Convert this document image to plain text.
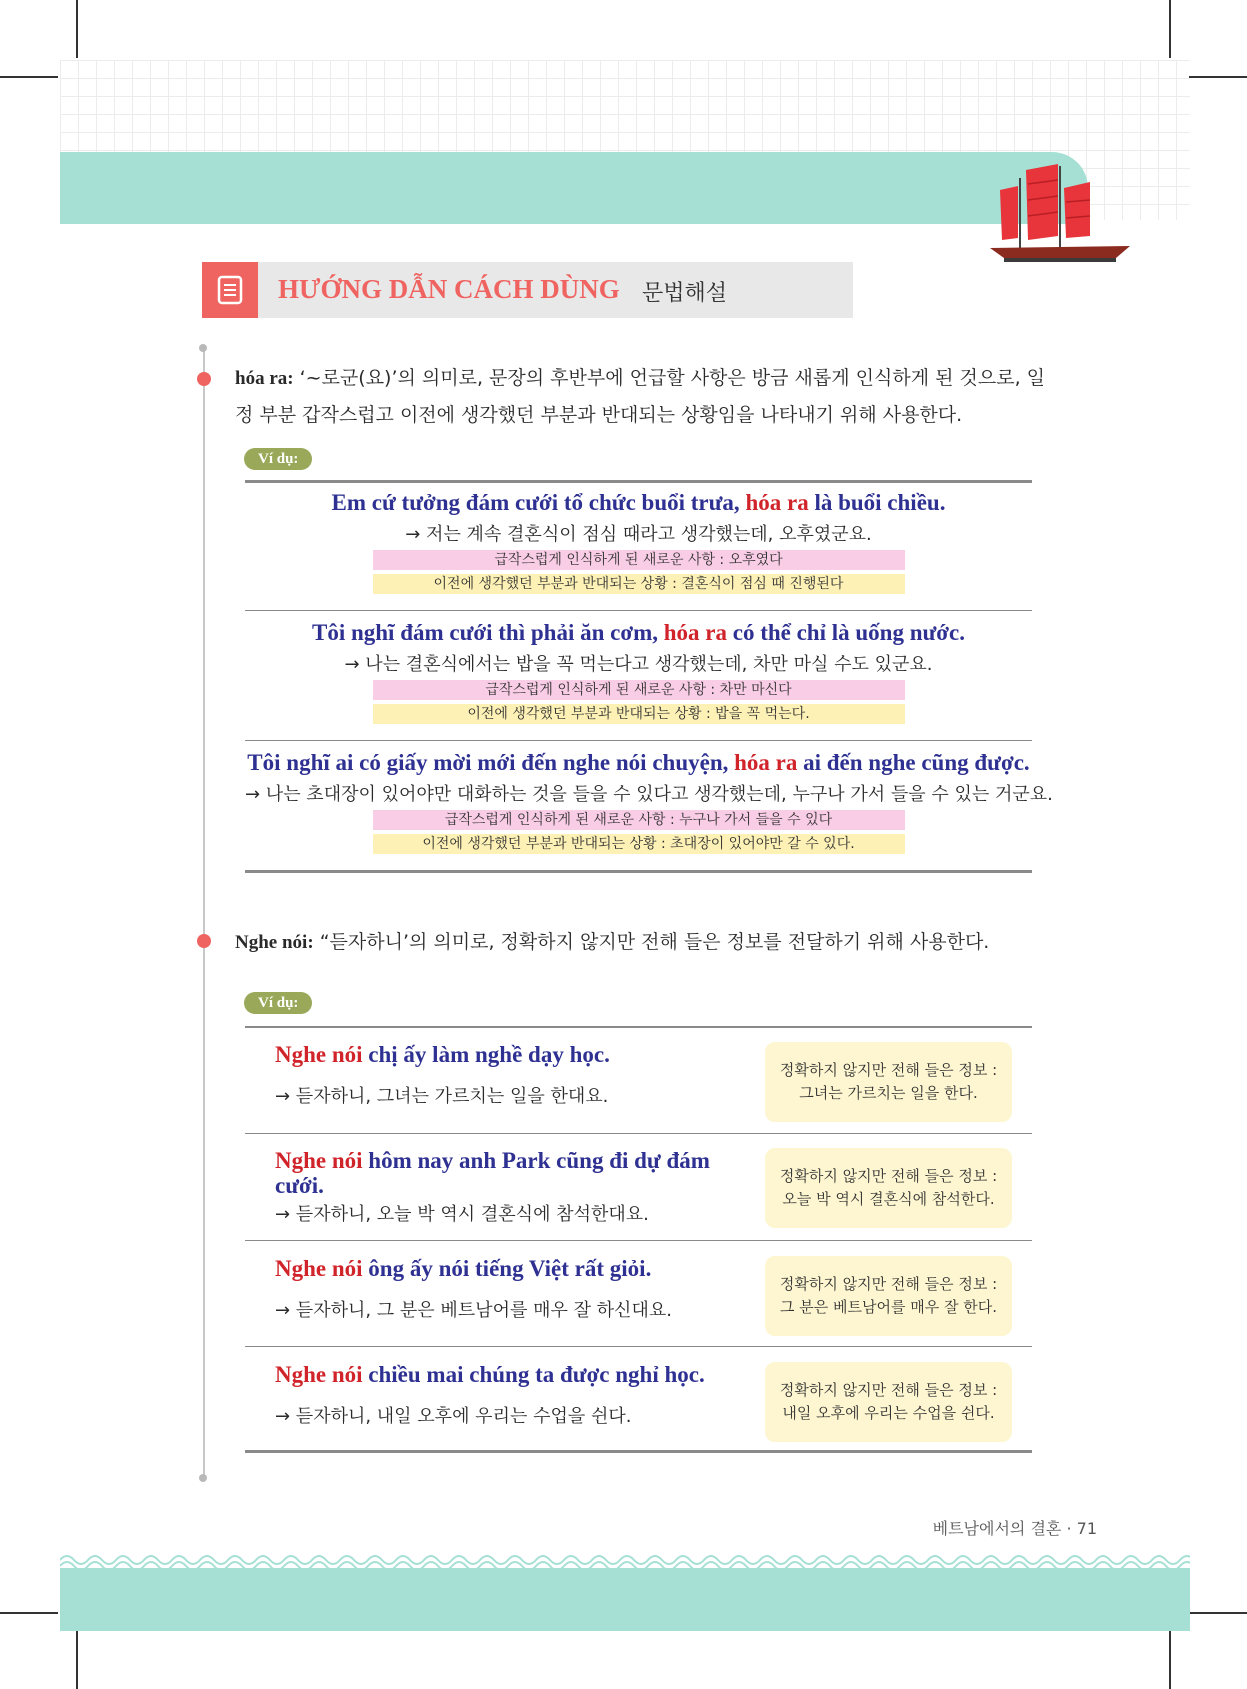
HƯỚNG DẪN CÁCH DÙNG 문법해설
hóa ra: ‘~로군(요)’의 의미로, 문장의 후반부에 언급할 사항은 방금 새롭게 인식하게 된 것으로, 일
정 부분 갑작스럽고 이전에 생각했던 부분과 반대되는 상황임을 나타내기 위해 사용한다.
Ví dụ:
Em cứ tưởng đám cưới tổ chức buổi trưa, hóa ra là buổi chiều.
→ 저는 계속 결혼식이 점심 때라고 생각했는데, 오후였군요.
급작스럽게 인식하게 된 새로운 사항 : 오후였다
이전에 생각했던 부분과 반대되는 상황 : 결혼식이 점심 때 진행된다
Tôi nghĩ đám cưới thì phải ăn cơm, hóa ra có thể chỉ là uống nước.
→ 나는 결혼식에서는 밥을 꼭 먹는다고 생각했는데, 차만 마실 수도 있군요.
급작스럽게 인식하게 된 새로운 사항 : 차만 마신다
이전에 생각했던 부분과 반대되는 상황 : 밥을 꼭 먹는다.
Tôi nghĩ ai có giấy mời mới đến nghe nói chuyện, hóa ra ai đến nghe cũng được.
→ 나는 초대장이 있어야만 대화하는 것을 들을 수 있다고 생각했는데, 누구나 가서 들을 수 있는 거군요.
급작스럽게 인식하게 된 새로운 사항 : 누구나 가서 들을 수 있다
이전에 생각했던 부분과 반대되는 상황 : 초대장이 있어야만 갈 수 있다.
Nghe nói: “듣자하니’의 의미로, 정확하지 않지만 전해 들은 정보를 전달하기 위해 사용한다.
Ví dụ:
Nghe nói chị ấy làm nghề dạy học.
→ 듣자하니, 그녀는 가르치는 일을 한대요.
정확하지 않지만 전해 들은 정보 :
그녀는 가르치는 일을 한다.
Nghe nói hôm nay anh Park cũng đi dự đám cưới.
→ 듣자하니, 오늘 박 역시 결혼식에 참석한대요.
정확하지 않지만 전해 들은 정보 :
오늘 박 역시 결혼식에 참석한다.
Nghe nói ông ấy nói tiếng Việt rất giỏi.
→ 듣자하니, 그 분은 베트남어를 매우 잘 하신대요.
정확하지 않지만 전해 들은 정보 :
그 분은 베트남어를 매우 잘 한다.
Nghe nói chiều mai chúng ta được nghỉ học.
→ 듣자하니, 내일 오후에 우리는 수업을 쉰다.
정확하지 않지만 전해 들은 정보 :
내일 오후에 우리는 수업을 쉰다.
베트남에서의 결혼 · 71
